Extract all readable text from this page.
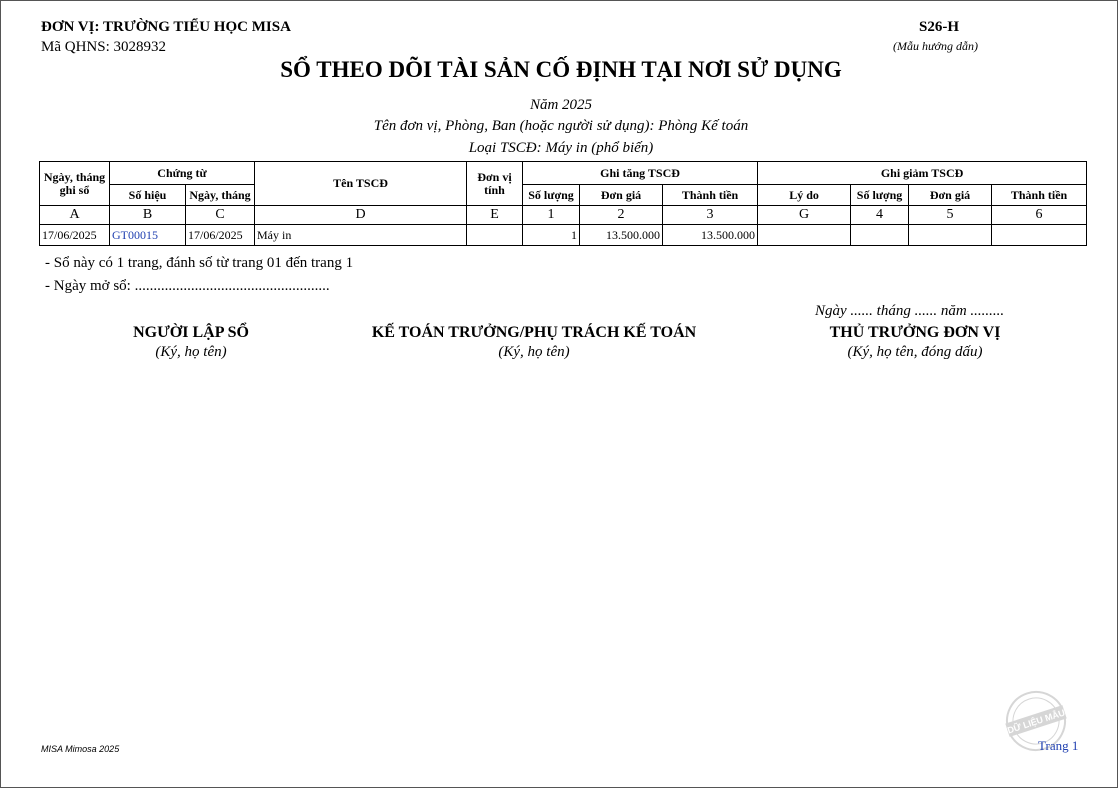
ĐƠN VỊ: TRƯỜNG TIỂU HỌC MISA
Mã QHNS: 3028932
S26-H
(Mẫu hướng dẫn)
SỔ THEO DÕI TÀI SẢN CỐ ĐỊNH TẠI NƠI SỬ DỤNG
Năm 2025
Tên đơn vị, Phòng, Ban (hoặc người sử dụng): Phòng Kế toán
Loại TSCĐ: Máy in (phổ biến)
Ngày, tháng ghi sổ	Chứng từ		Tên TSCĐ	Đơn vị tính	Ghi tăng TSCĐ			Ghi giảm TSCĐ			
	Số hiệu	Ngày, tháng			Số lượng	Đơn giá	Thành tiền	Lý do	Số lượng	Đơn giá	Thành tiền
A	B	C	D	E	1	2	3	G	4	5	6
17/06/2025	GT00015	17/06/2025	Máy in		1	13.500.000	13.500.000				
- Sổ này có 1 trang, đánh số từ trang 01 đến trang 1
- Ngày mở sổ: ....................................................
Ngày ...... tháng ...... năm .........
NGƯỜI LẬP SỔ
(Ký, họ tên)
KẾ TOÁN TRƯỞNG/PHỤ TRÁCH KẾ TOÁN
(Ký, họ tên)
THỦ TRƯỞNG ĐƠN VỊ
(Ký, họ tên, đóng dấu)
MISA Mimosa 2025
DỮ LIỆU MẪU
Trang 1
